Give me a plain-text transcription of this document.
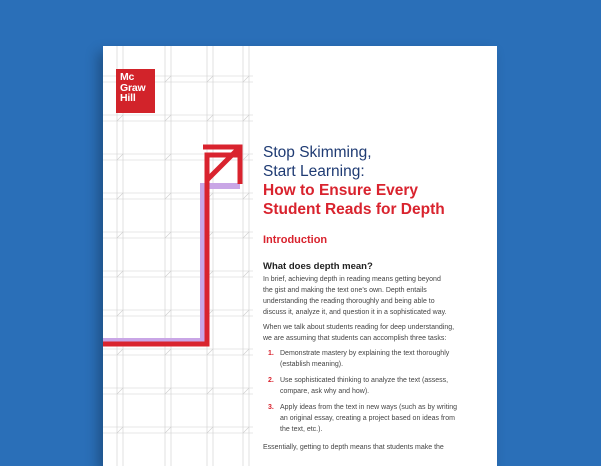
Mc
Graw
Hill
Stop Skimming,
Start Learning:
How to Ensure Every
Student Reads for Depth
Introduction
What does depth mean?
In brief, achieving depth in reading means getting beyond
the gist and making the text one’s own. Depth entails
understanding the reading thoroughly and being able to
discuss it, analyze it, and question it in a sophisticated way.
When we talk about students reading for deep understanding,
we are assuming that students can accomplish three tasks:
1. Demonstrate mastery by explaining the text thoroughly
(establish meaning).
2. Use sophisticated thinking to analyze the text (assess,
compare, ask why and how).
3. Apply ideas from the text in new ways (such as by writing
an original essay, creating a project based on ideas from
the text, etc.).
Essentially, getting to depth means that students make the
